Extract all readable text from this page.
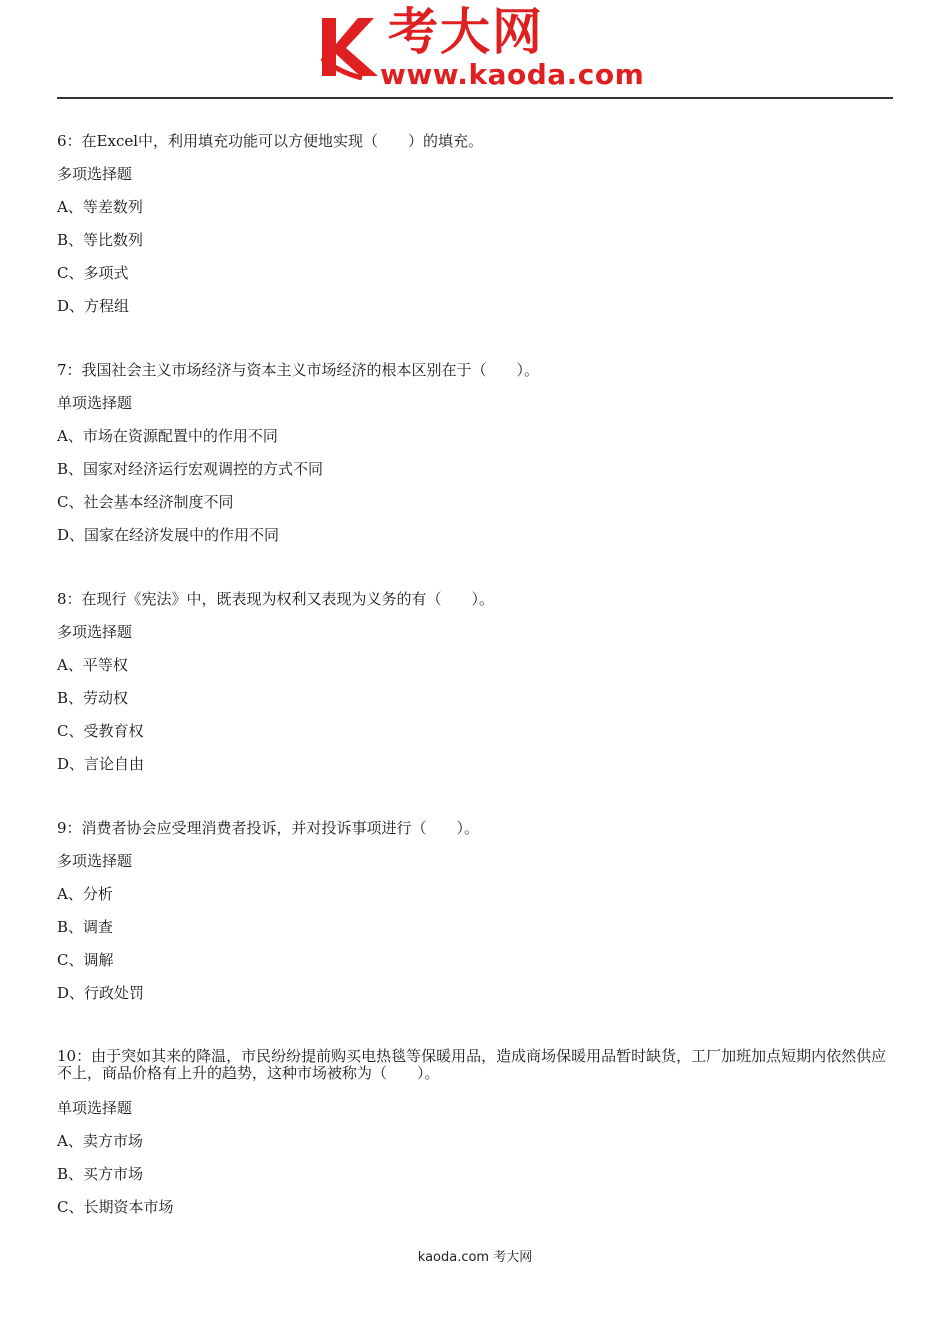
考大网
www.kaoda.com
6：在Excel中，利用填充功能可以方便地实现（　　）的填充。
多项选择题
A、等差数列
B、等比数列
C、多项式
D、方程组
7：我国社会主义市场经济与资本主义市场经济的根本区别在于（　　）。
单项选择题
A、市场在资源配置中的作用不同
B、国家对经济运行宏观调控的方式不同
C、社会基本经济制度不同
D、国家在经济发展中的作用不同
8：在现行《宪法》中，既表现为权利又表现为义务的有（　　）。
多项选择题
A、平等权
B、劳动权
C、受教育权
D、言论自由
9：消费者协会应受理消费者投诉，并对投诉事项进行（　　）。
多项选择题
A、分析
B、调查
C、调解
D、行政处罚
10：由于突如其来的降温，市民纷纷提前购买电热毯等保暖用品，造成商场保暖用品暂时缺货，工厂加班加点短期内依然供应不上，商品价格有上升的趋势，这种市场被称为（　　）。
单项选择题
A、卖方市场
B、买方市场
C、长期资本市场
kaoda.com 考大网
